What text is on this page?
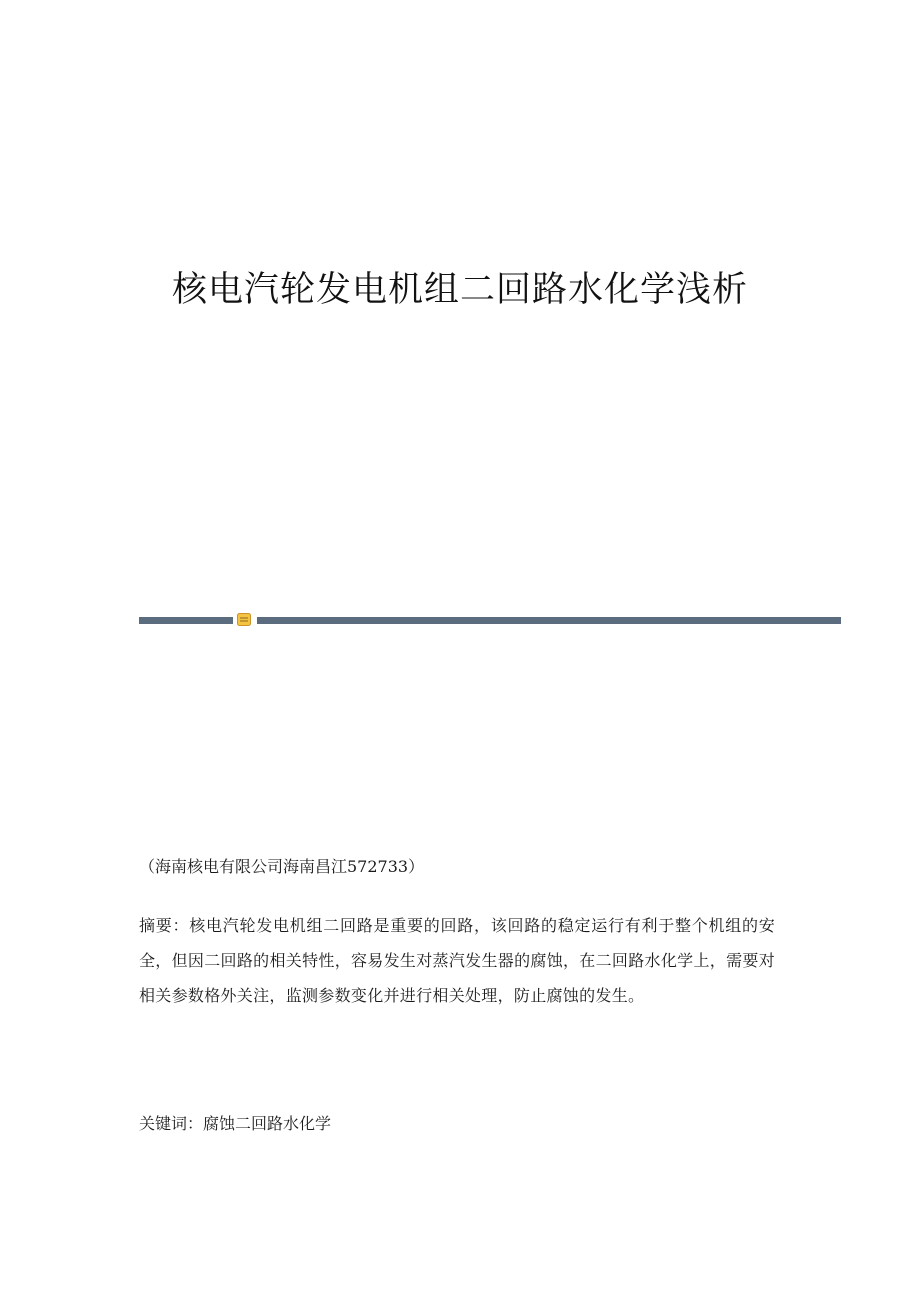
核电汽轮发电机组二回路水化学浅析
（海南核电有限公司海南昌江572733）
摘要：核电汽轮发电机组二回路是重要的回路，该回路的稳定运行有利于整个机组的安全，但因二回路的相关特性，容易发生对蒸汽发生器的腐蚀，在二回路水化学上，需要对相关参数格外关注，监测参数变化并进行相关处理，防止腐蚀的发生。
关键词：腐蚀二回路水化学
